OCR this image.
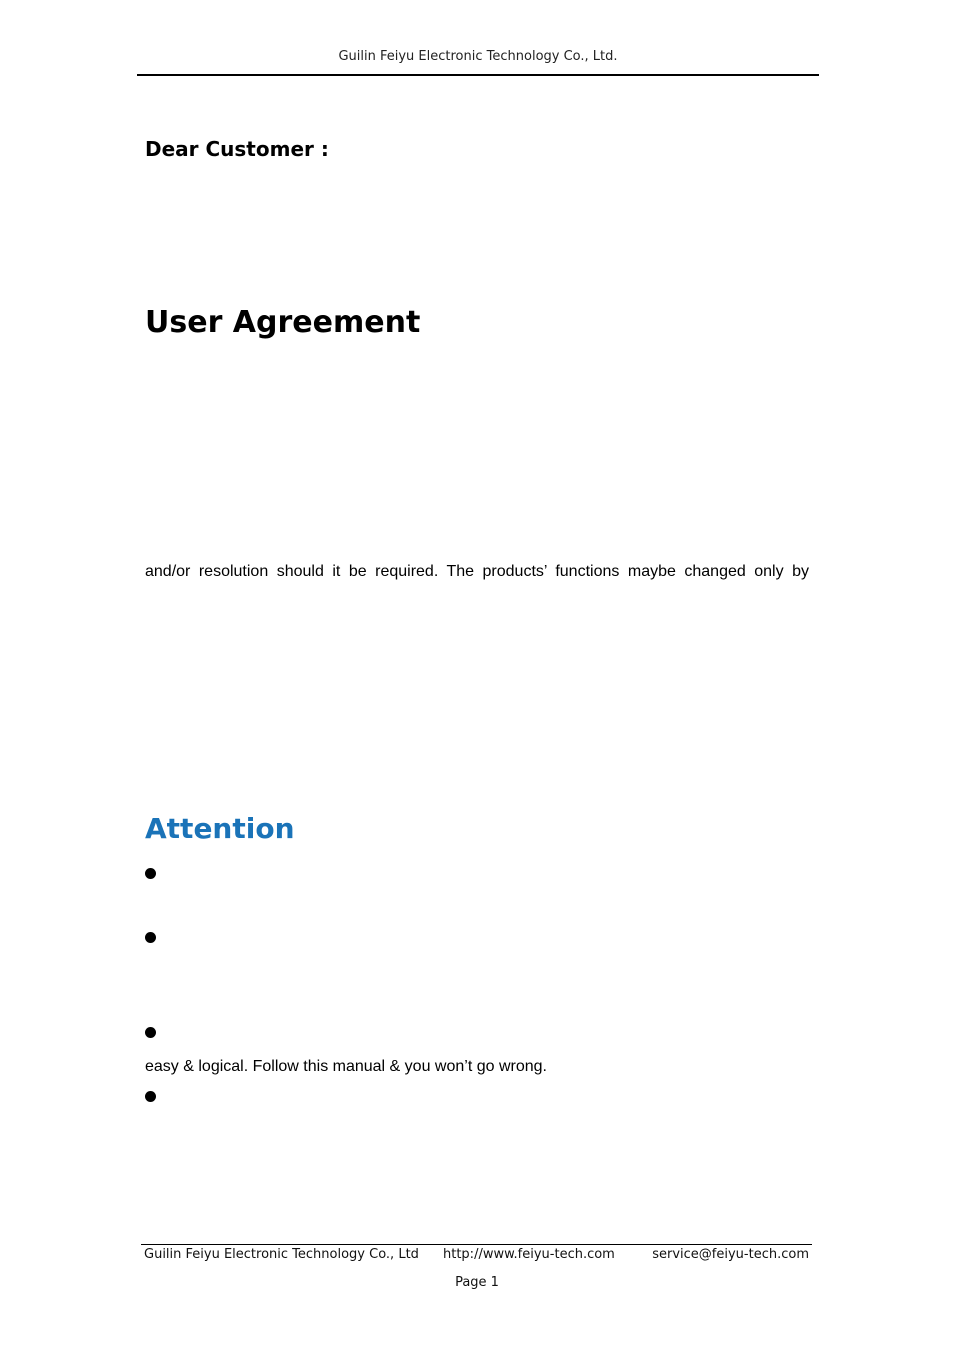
Guilin Feiyu Electronic Technology Co., Ltd.
Dear Customer :
User Agreement

and/or resolution should it be required. The products’ functions maybe changed only by

Attention

easy & logical. Follow this manual & you won’t go wrong.

Guilin Feiyu Electronic Technology Co., Ltd http://www.feiyu-tech.com	service@feiyu-tech.com
Page 1
